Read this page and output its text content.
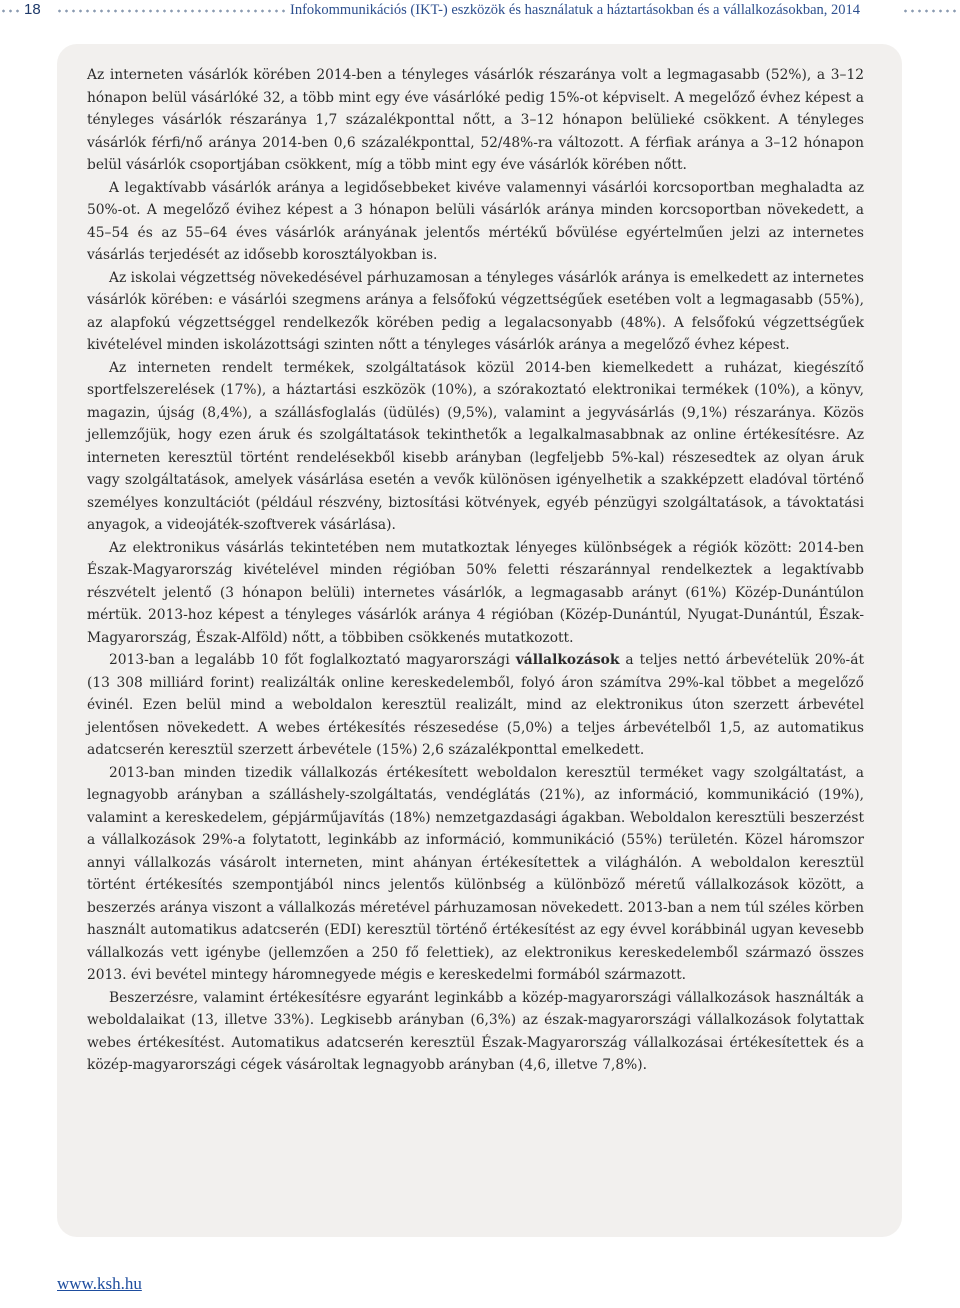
18	Infokommunikációs (IKT-) eszközök és használatuk a háztartásokban és a vállalkozásokban, 2014

Az interneten vásárlók körében 2014-ben a tényleges vásárlók részaránya volt a legmagasabb (52%), a 3–12 hónapon belül vásárlóké 32, a több mint egy éve vásárlóké pedig 15%-ot képviselt. A megelőző évhez képest a tényleges vásárlók részaránya 1,7 százalékponttal nőtt, a 3–12 hónapon belülieké csökkent. A tényleges vásárlók férfi/nő aránya 2014-ben 0,6 százalékponttal, 52/48%-ra változott. A férfiak aránya a 3–12 hónapon belül vásárlók csoportjában csökkent, míg a több mint egy éve vásárlók körében nőtt.

A legaktívabb vásárlók aránya a legidősebbeket kivéve valamennyi vásárlói korcsoportban meghaladta az 50%-ot. A megelőző évihez képest a 3 hónapon belüli vásárlók aránya minden korcsoportban növekedett, a 45–54 és az 55–64 éves vásárlók arányának jelentős mértékű bővülése egyértelműen jelzi az internetes vásárlás terjedését az idősebb korosztályokban is.

Az iskolai végzettség növekedésével párhuzamosan a tényleges vásárlók aránya is emelkedett az internetes vásárlók körében: e vásárlói szegmens aránya a felsőfokú végzettségűek esetében volt a legmagasabb (55%), az alapfokú végzettséggel rendelkezők körében pedig a legalacsonyabb (48%). A felsőfokú végzettségűek kivételével minden iskolázottsági szinten nőtt a tényleges vásárlók aránya a megelőző évhez képest.

Az interneten rendelt termékek, szolgáltatások közül 2014-ben kiemelkedett a ruházat, kiegészítő sportfelszerelések (17%), a háztartási eszközök (10%), a szórakoztató elektronikai termékek (10%), a könyv, magazin, újság (8,4%), a szállásfoglalás (üdülés) (9,5%), valamint a jegyvásárlás (9,1%) részaránya. Közös jellemzőjük, hogy ezen áruk és szolgáltatások tekinthetők a legalkalmasabbnak az online értékesítésre. Az interneten keresztül történt rendelésekből kisebb arányban (legfeljebb 5%-kal) részesedtek az olyan áruk vagy szolgáltatások, amelyek vásárlása esetén a vevők különösen igényelhetik a szakképzett eladóval történő személyes konzultációt (például részvény, biztosítási kötvények, egyéb pénzügyi szolgáltatások, a távoktatási anyagok, a videojáték-szoftverek vásárlása).

Az elektronikus vásárlás tekintetében nem mutatkoztak lényeges különbségek a régiók között: 2014-ben Észak-Magyarország kivételével minden régióban 50% feletti részaránnyal rendelkeztek a legaktívabb részvételt jelentő (3 hónapon belüli) internetes vásárlók, a legmagasabb arányt (61%) Közép-Dunántúlon mértük. 2013-hoz képest a tényleges vásárlók aránya 4 régióban (Közép-Dunántúl, Nyugat-Dunántúl, Észak-Magyarország, Észak-Alföld) nőtt, a többiben csökkenés mutatkozott.

2013-ban a legalább 10 főt foglalkoztató magyarországi vállalkozások a teljes nettó árbevételük 20%-át (13 308 milliárd forint) realizálták online kereskedelemből, folyó áron számítva 29%-kal többet a megelőző évinél. Ezen belül mind a weboldalon keresztül realizált, mind az elektronikus úton szerzett árbevétel jelentősen növekedett. A webes értékesítés részesedése (5,0%) a teljes árbevételből 1,5, az automatikus adatcserén keresztül szerzett árbevétele (15%) 2,6 százalékponttal emelkedett.

2013-ban minden tizedik vállalkozás értékesített weboldalon keresztül terméket vagy szolgáltatást, a legnagyobb arányban a szálláshely-szolgáltatás, vendéglátás (21%), az információ, kommunikáció (19%), valamint a kereskedelem, gépjárműjavítás (18%) nemzetgazdasági ágakban. Weboldalon keresztüli beszerzést a vállalkozások 29%-a folytatott, leginkább az információ, kommunikáció (55%) területén. Közel háromszor annyi vállalkozás vásárolt interneten, mint ahányan értékesítettek a világhálón. A weboldalon keresztül történt értékesítés szempontjából nincs jelentős különbség a különböző méretű vállalkozások között, a beszerzés aránya viszont a vállalkozás méretével párhuzamosan növekedett. 2013-ban a nem túl széles körben használt automatikus adatcserén (EDI) keresztül történő értékesítést az egy évvel korábbinál ugyan kevesebb vállalkozás vett igénybe (jellemzően a 250 fő felettiek), az elektronikus kereskedelemből származó összes 2013. évi bevétel mintegy háromnegyede mégis e kereskedelmi formából származott.

Beszerzésre, valamint értékesítésre egyaránt leginkább a közép-magyarországi vállalkozások használták a weboldalaikat (13, illetve 33%). Legkisebb arányban (6,3%) az észak-magyarországi vállalkozások folytattak webes értékesítést. Automatikus adatcserén keresztül Észak-Magyarország vállalkozásai értékesítettek és a közép-magyarországi cégek vásároltak legnagyobb arányban (4,6, illetve 7,8%).

www.ksh.hu
